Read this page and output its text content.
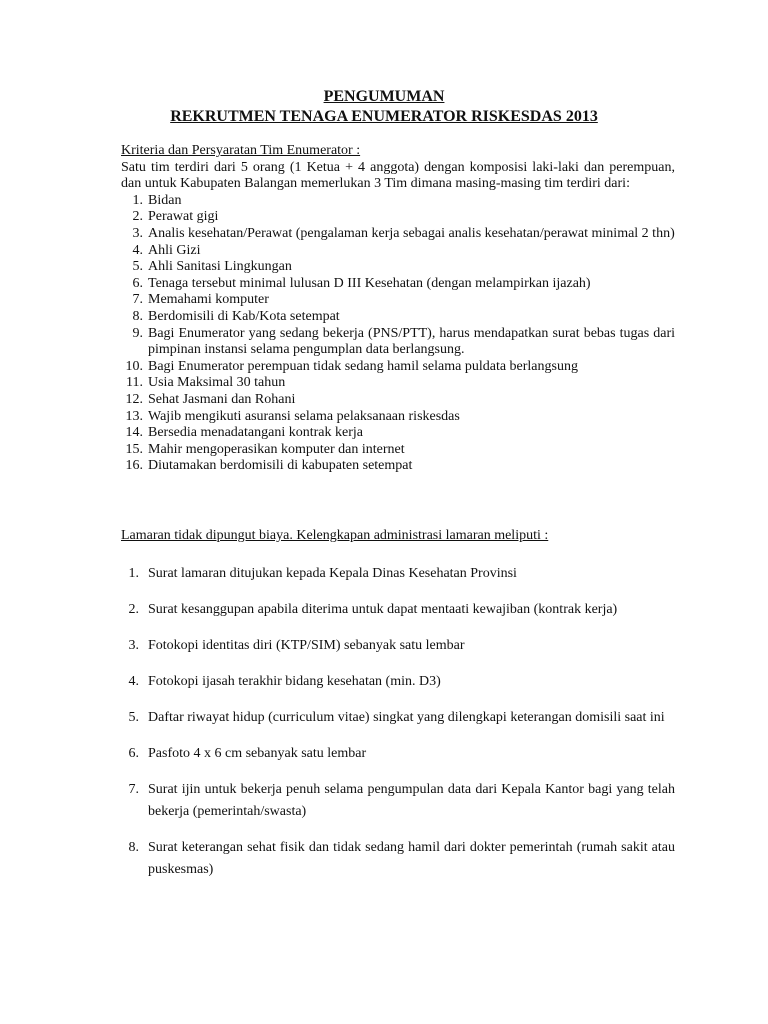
PENGUMUMAN
REKRUTMEN TENAGA ENUMERATOR RISKESDAS 2013
Kriteria dan Persyaratan Tim Enumerator :
Satu tim terdiri dari 5 orang (1 Ketua + 4 anggota) dengan komposisi laki-laki dan perempuan, dan untuk Kabupaten Balangan memerlukan 3 Tim dimana masing-masing tim terdiri dari:
1. Bidan
2. Perawat gigi
3. Analis kesehatan/Perawat (pengalaman kerja sebagai analis kesehatan/perawat minimal 2 thn)
4. Ahli Gizi
5. Ahli Sanitasi Lingkungan
6. Tenaga tersebut minimal lulusan D III Kesehatan (dengan melampirkan ijazah)
7. Memahami komputer
8. Berdomisili di Kab/Kota setempat
9. Bagi Enumerator yang sedang bekerja (PNS/PTT), harus mendapatkan surat bebas tugas dari pimpinan instansi selama pengumplan data berlangsung.
10. Bagi Enumerator perempuan tidak sedang hamil selama puldata berlangsung
11. Usia Maksimal 30 tahun
12. Sehat Jasmani dan Rohani
13. Wajib mengikuti asuransi selama pelaksanaan riskesdas
14. Bersedia menadatangani kontrak kerja
15. Mahir mengoperasikan komputer dan internet
16. Diutamakan berdomisili di kabupaten setempat
Lamaran tidak dipungut biaya. Kelengkapan administrasi lamaran meliputi :
1. Surat lamaran ditujukan kepada Kepala Dinas Kesehatan Provinsi
2. Surat kesanggupan apabila diterima untuk dapat mentaati kewajiban (kontrak kerja)
3. Fotokopi identitas diri (KTP/SIM) sebanyak satu lembar
4. Fotokopi ijasah terakhir bidang kesehatan (min. D3)
5. Daftar riwayat hidup (curriculum vitae) singkat yang dilengkapi keterangan domisili saat ini
6. Pasfoto 4 x 6 cm sebanyak satu lembar
7. Surat ijin untuk bekerja penuh selama pengumpulan data dari Kepala Kantor bagi yang telah bekerja (pemerintah/swasta)
8. Surat keterangan sehat fisik dan tidak sedang hamil dari dokter pemerintah (rumah sakit atau puskesmas)
